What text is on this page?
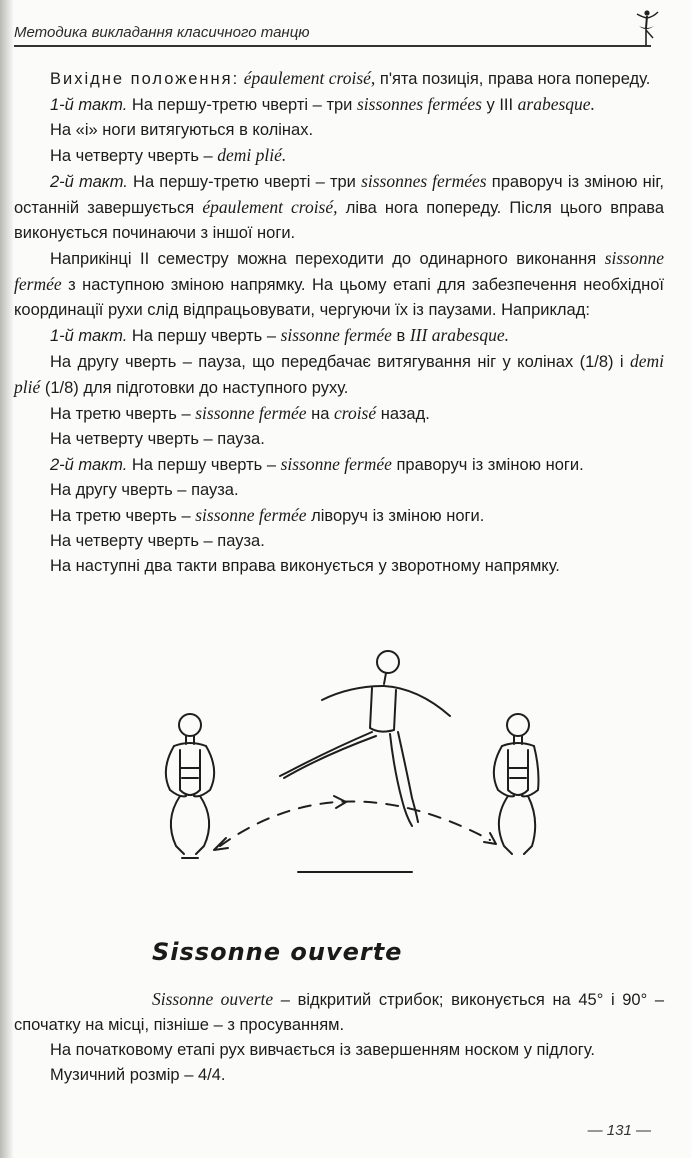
Методика викладання класичного танцю

Вихідне положення: épaulement croisé, п'ята позиція, права нога попереду.

1-й такт. На першу-третю чверті – три sissonnes fermées у III arabesque.

На «і» ноги витягуються в колінах.

На четверту чверть – demi plié.

2-й такт. На першу-третю чверті – три sissonnes fermées праворуч із зміною ніг, останній завершується épaulement croisé, ліва нога попереду. Після цього вправа виконується починаючи з іншої ноги.

Наприкінці II семестру можна переходити до одинарного виконання sissonne fermée з наступною зміною напрямку. На цьому етапі для забезпечення необхідної координації рухи слід відпрацьовувати, чергуючи їх із паузами. Наприклад:

1-й такт. На першу чверть – sissonne fermée в III arabesque.

На другу чверть – пауза, що передбачає витягування ніг у колінах (1/8) і demi plié (1/8) для підготовки до наступного руху.

На третю чверть – sissonne fermée на croisé назад.

На четверту чверть – пауза.

2-й такт. На першу чверть – sissonne fermée праворуч із зміною ноги.

На другу чверть – пауза.

На третю чверть – sissonne fermée ліворуч із зміною ноги.

На четверту чверть – пауза.

На наступні два такти вправа виконується у зворотному напрямку.

Sissonne ouverte

Sissonne ouverte – відкритий стрибок; виконується на 45° і 90° – спочатку на місці, пізніше – з просуванням.

На початковому етапі рух вивчається із завершенням носком у підлогу.

Музичний розмір – 4/4.

— 131 —
